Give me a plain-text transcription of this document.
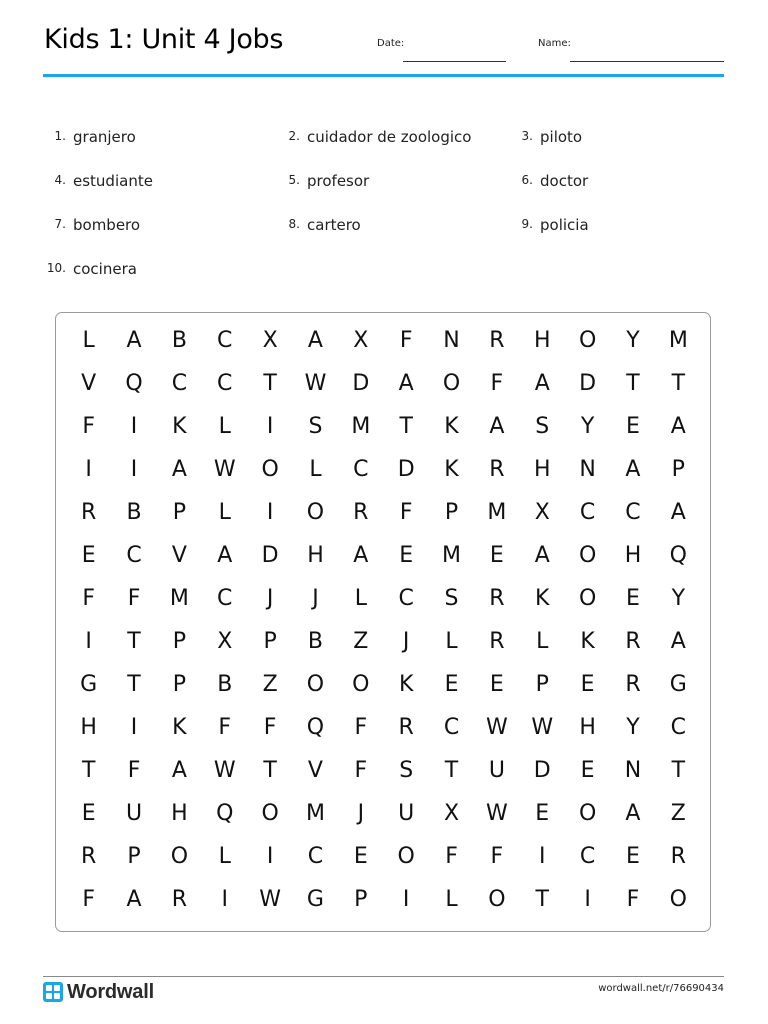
Kids 1: Unit 4 Jobs	Date:	Name:
1. granjero	2. cuidador de zoologico	3. piloto
4. estudiante	5. profesor	6. doctor
7. bombero	8. cartero	9. policia
10. cocinera
L	A	B	C	X	A	X	F	N	R	H	O	Y	M
V	Q	C	C	T	W	D	A	O	F	A	D	T	T
F	I	K	L	I	S	M	T	K	A	S	Y	E	A
I	I	A	W	O	L	C	D	K	R	H	N	A	P
R	B	P	L	I	O	R	F	P	M	X	C	C	A
E	C	V	A	D	H	A	E	M	E	A	O	H	Q
F	F	M	C	J	J	L	C	S	R	K	O	E	Y
I	T	P	X	P	B	Z	J	L	R	L	K	R	A
G	T	P	B	Z	O	O	K	E	E	P	E	R	G
H	I	K	F	F	Q	F	R	C	W	W	H	Y	C
T	F	A	W	T	V	F	S	T	U	D	E	N	T
E	U	H	Q	O	M	J	U	X	W	E	O	A	Z
R	P	O	L	I	C	E	O	F	F	I	C	E	R
F	A	R	I	W	G	P	I	L	O	T	I	F	O
Wordwall	wordwall.net/r/76690434
